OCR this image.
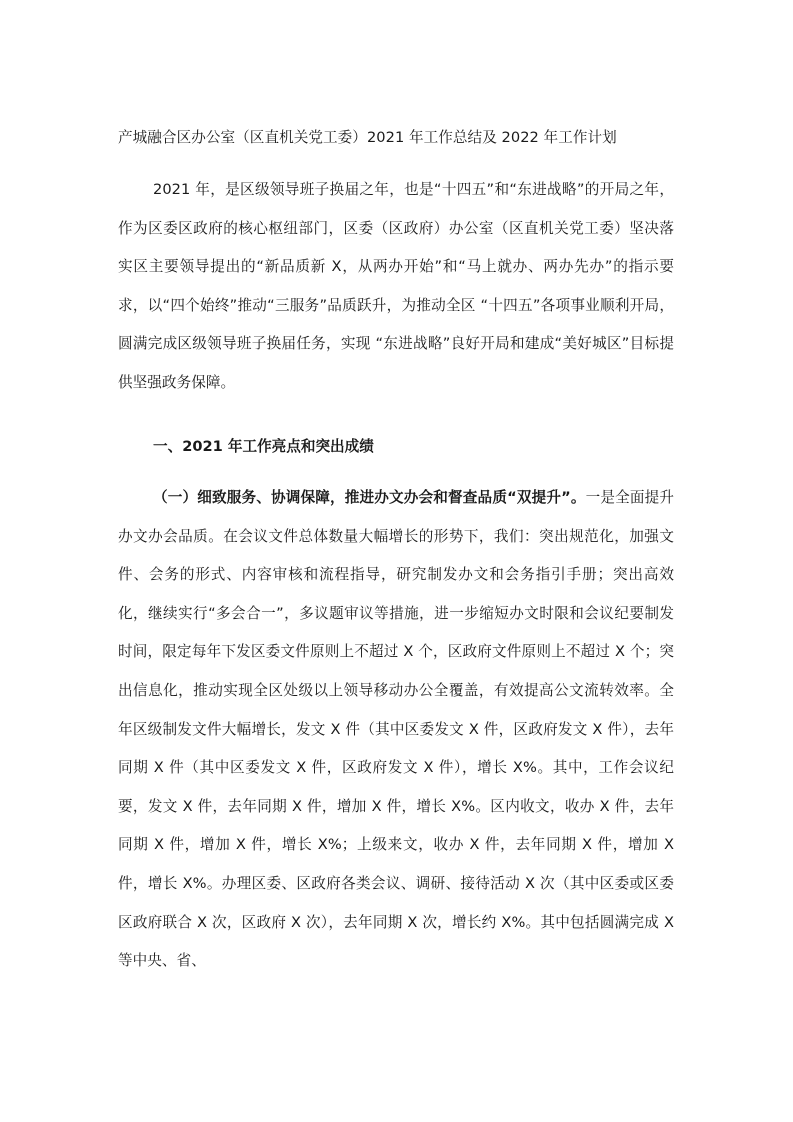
产城融合区办公室（区直机关党工委）2021 年工作总结及 2022 年工作计划

2021 年，是区级领导班子换届之年，也是“十四五”和“东进战略”的开局之年，作为区委区政府的核心枢纽部门，区委（区政府）办公室（区直机关党工委）坚决落实区主要领导提出的“新品质新 X，从两办开始”和“马上就办、两办先办”的指示要求，以“四个始终”推动“三服务”品质跃升，为推动全区 “十四五”各项事业顺利开局，圆满完成区级领导班子换届任务，实现 “东进战略”良好开局和建成“美好城区”目标提供坚强政务保障。

一、2021 年工作亮点和突出成绩

（一）细致服务、协调保障，推进办文办会和督查品质“双提升”。一是全面提升办文办会品质。在会议文件总体数量大幅增长的形势下，我们：突出规范化，加强文件、会务的形式、内容审核和流程指导，研究制发办文和会务指引手册；突出高效化，继续实行“多会合一”，多议题审议等措施，进一步缩短办文时限和会议纪要制发时间，限定每年下发区委文件原则上不超过 X 个，区政府文件原则上不超过 X 个；突出信息化，推动实现全区处级以上领导移动办公全覆盖，有效提高公文流转效率。全年区级制发文件大幅增长，发文 X 件（其中区委发文 X 件，区政府发文 X 件），去年同期 X 件（其中区委发文 X 件，区政府发文 X 件），增长 X%。其中，工作会议纪要，发文 X 件，去年同期 X 件，增加 X 件，增长 X%。区内收文，收办 X 件，去年同期 X 件，增加 X 件，增长 X%；上级来文，收办 X 件，去年同期 X 件，增加 X 件，增长 X%。办理区委、区政府各类会议、调研、接待活动 X 次（其中区委或区委区政府联合 X 次，区政府 X 次），去年同期 X 次，增长约 X%。其中包括圆满完成 X 等中央、省、
